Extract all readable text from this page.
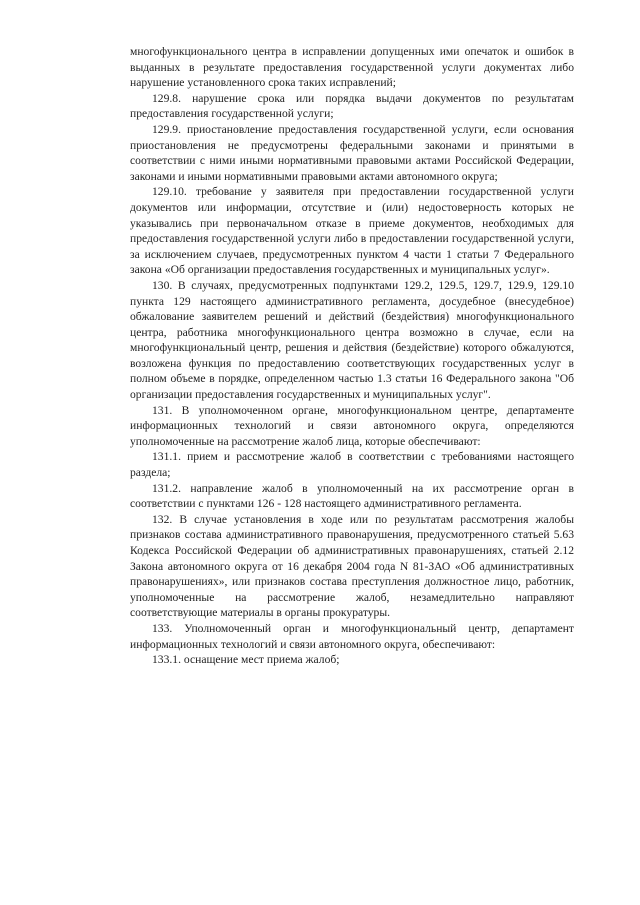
многофункционального центра в исправлении допущенных ими опечаток и ошибок в выданных в результате предоставления государственной услуги документах либо нарушение установленного срока таких исправлений;

129.8. нарушение срока или порядка выдачи документов по результатам предоставления государственной услуги;

129.9. приостановление предоставления государственной услуги, если основания приостановления не предусмотрены федеральными законами и принятыми в соответствии с ними иными нормативными правовыми актами Российской Федерации, законами и иными нормативными правовыми актами автономного округа;

129.10. требование у заявителя при предоставлении государственной услуги документов или информации, отсутствие и (или) недостоверность которых не указывались при первоначальном отказе в приеме документов, необходимых для предоставления государственной услуги либо в предоставлении государственной услуги, за исключением случаев, предусмотренных пунктом 4 части 1 статьи 7 Федерального закона «Об организации предоставления государственных и муниципальных услуг».

130. В случаях, предусмотренных подпунктами 129.2, 129.5, 129.7, 129.9, 129.10 пункта 129 настоящего административного регламента, досудебное (внесудебное) обжалование заявителем решений и действий (бездействия) многофункционального центра, работника многофункционального центра возможно в случае, если на многофункциональный центр, решения и действия (бездействие) которого обжалуются, возложена функция по предоставлению соответствующих государственных услуг в полном объеме в порядке, определенном частью 1.3 статьи 16 Федерального закона "Об организации предоставления государственных и муниципальных услуг".

131. В уполномоченном органе, многофункциональном центре, департаменте информационных технологий и связи автономного округа, определяются уполномоченные на рассмотрение жалоб лица, которые обеспечивают:

131.1. прием и рассмотрение жалоб в соответствии с требованиями настоящего раздела;

131.2. направление жалоб в уполномоченный на их рассмотрение орган в соответствии с пунктами 126 - 128 настоящего административного регламента.

132. В случае установления в ходе или по результатам рассмотрения жалобы признаков состава административного правонарушения, предусмотренного статьей 5.63 Кодекса Российской Федерации об административных правонарушениях, статьей 2.12 Закона автономного округа от 16 декабря 2004 года N 81-ЗАО «Об административных правонарушениях», или признаков состава преступления должностное лицо, работник, уполномоченные на рассмотрение жалоб, незамедлительно направляют соответствующие материалы в органы прокуратуры.

133. Уполномоченный орган и многофункциональный центр, департамент информационных технологий и связи автономного округа, обеспечивают:

133.1. оснащение мест приема жалоб;
